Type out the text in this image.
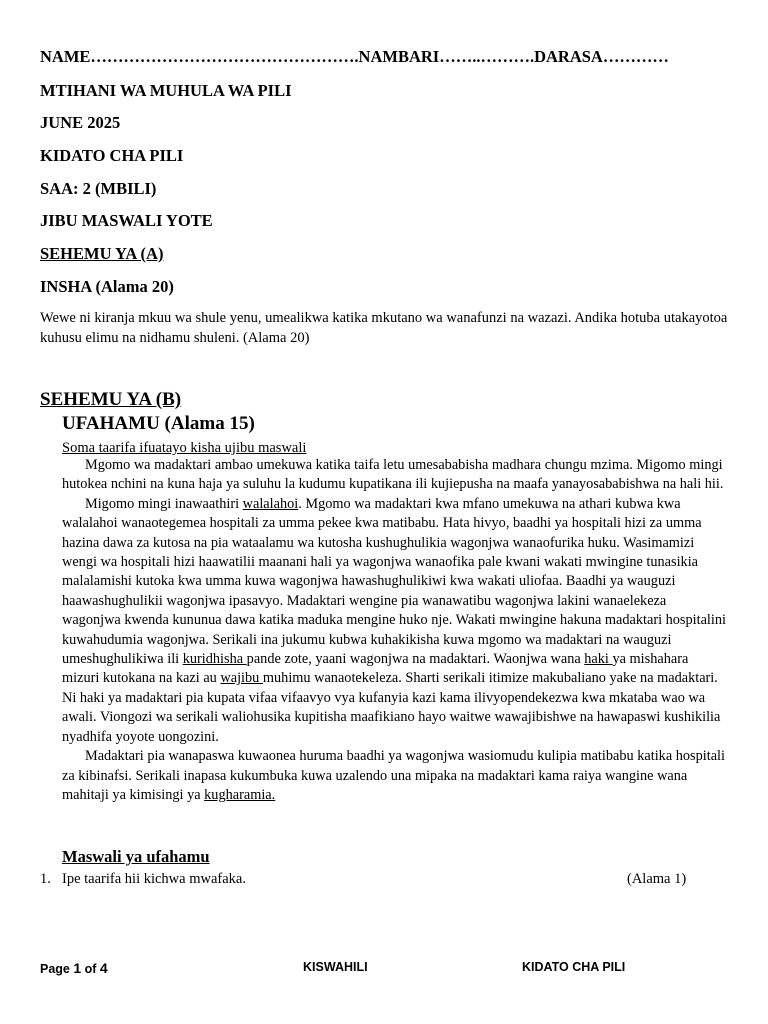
NAME………………………………………….NAMBARI……..……….DARASA…………
MTIHANI WA MUHULA WA PILI
JUNE 2025
KIDATO CHA PILI
SAA: 2 (MBILI)
JIBU MASWALI YOTE
SEHEMU YA (A)
INSHA (Alama 20)
Wewe ni kiranja mkuu wa shule yenu, umealikwa katika mkutano wa wanafunzi na wazazi. Andika hotuba utakayotoa kuhusu elimu na nidhamu shuleni. (Alama 20)
SEHEMU YA (B)
UFAHAMU (Alama 15)
Soma taarifa ifuatayo kisha ujibu maswali

Mgomo wa madaktari ambao umekuwa katika taifa letu umesababisha madhara chungu mzima. Migomo mingi hutokea nchini na kuna haja ya suluhu la kudumu kupatikana ili kujiepusha na maafa yanayosababishwa na hali hii.

Migomo mingi inawaathiri walalahoi. Mgomo wa madaktari kwa mfano umekuwa na athari kubwa kwa walalahoi wanaotegemea hospitali za umma pekee kwa matibabu. Hata hivyo, baadhi ya hospitali hizi za umma hazina dawa za kutosa na pia wataalamu wa kutosha kushughulikia wagonjwa wanaofurika huku. Wasimamizi wengi wa hospitali hizi haawatilii maanani hali ya wagonjwa wanaofika pale kwani wakati mwingine tunasikia malalamishi kutoka kwa umma kuwa wagonjwa hawashughulikiwi kwa wakati uliofaa. Baadhi ya wauguzi haawashughulikii wagonjwa ipasavyo. Madaktari wengine pia wanawatibu wagonjwa lakini wanaelekeza wagonjwa kwenda kununua dawa katika maduka mengine huko nje. Wakati mwingine hakuna madaktari hospitalini kuwahudumia wagonjwa. Serikali ina jukumu kubwa kuhakikisha kuwa mgomo wa madaktari na wauguzi umeshughulikiwa ili kuridhisha pande zote, yaani wagonjwa na madaktari. Waonjwa wana haki ya mishahara mizuri kutokana na kazi au wajibu muhimu wanaotekeleza. Sharti serikali itimize makubaliano yake na madaktari. Ni haki ya madaktari pia kupata vifaa vifaavyo vya kufanyia kazi kama ilivyopendekezwa kwa mkataba wao wa awali. Viongozi wa serikali waliohusika kupitisha maafikiano hayo waitwe wawajibishwe na hawapaswi kushikilia nyadhifa yoyote uongozini.

Madaktari pia wanapaswa kuwaonea huruma baadhi ya wagonjwa wasiomudu kulipia matibabu katika hospitali za kibinafsi. Serikali inapasa kukumbuka kuwa uzalendo una mipaka na madaktari kama raiya wangine wana mahitaji ya kimisingi ya kugharamia.

Maswali ya ufahamu
1. Ipe taarifa hii kichwa mwafaka.	(Alama 1)
Page 1 of 4	KISWAHILI	KIDATO CHA PILI
